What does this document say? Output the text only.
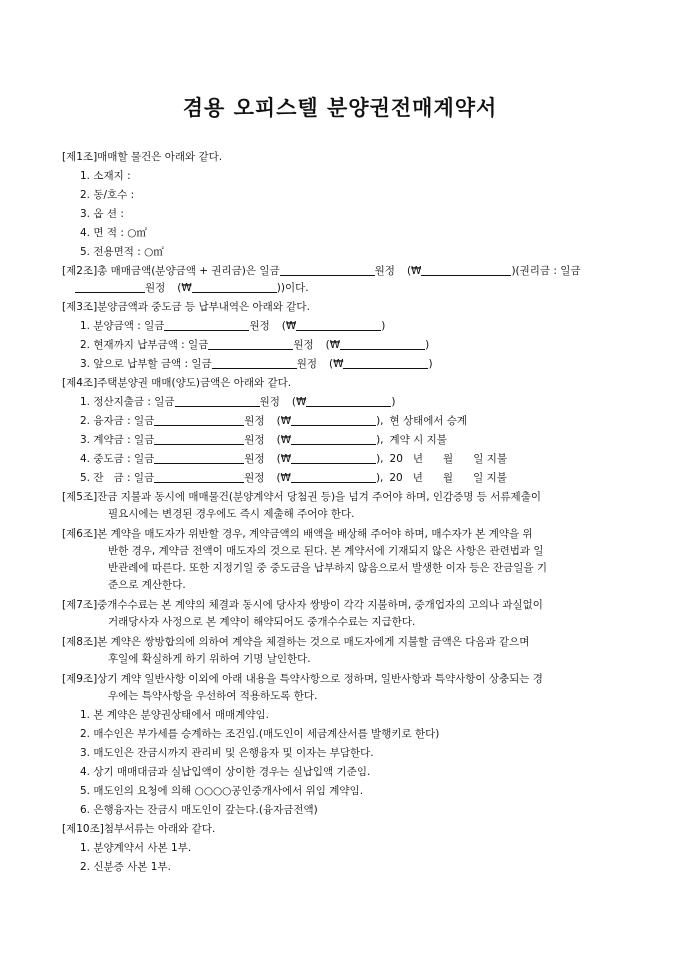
겸용 오피스텔 분양권전매계약서
[제1조]매매할 물건은 아래와 같다.
1. 소재지 :
2. 동/호수 :
3. 옵 션 :
4. 면 적 : ○㎡
5. 전용면적 : ○㎡
[제2조]총 매매금액(분양금액 + 권리금)은 일금	원정 (₩	)(권리금 : 일금
원정 (₩	))이다.
[제3조]분양금액과 중도금 등 납부내역은 아래와 같다.
1. 분양금액 : 일금	원정 (₩	)
2. 현재까지 납부금액 : 일금	원정 (₩	)
3. 앞으로 납부할 금액 : 일금	원정 (₩	)
[제4조]주택분양권 매매(양도)금액은 아래와 같다.
1. 정산지출금 : 일금	원정 (₩	)
2. 융자금 : 일금	원정 (₩	), 현 상태에서 승계
3. 계약금 : 일금	원정 (₩	), 계약 시 지불
4. 중도금 : 일금	원정 (₩	), 20   년      월      일 지불
5. 잔   금 : 일금	원정 (₩	), 20   년      월      일 지불
[제5조]잔금 지불과 동시에 매매물건(분양계약서 당첨권 등)을 넘겨 주어야 하며, 인감증명 등 서류제출이
필요시에는 변경된 경우에도 즉시 제출해 주어야 한다.
[제6조]본 계약을 매도자가 위반할 경우, 계약금액의 배액을 배상해 주어야 하며, 매수자가 본 계약을 위
반한 경우, 계약금 전액이 매도자의 것으로 된다. 본 계약서에 기재되지 않은 사항은 관련법과 일
반관례에 따른다. 또한 지정기일 중 중도금을 납부하지 않음으로서 발생한 이자 등은 잔금일을 기
준으로 계산한다.
[제7조]중개수수료는 본 계약의 체결과 동시에 당사자 쌍방이 각각 지불하며, 중개업자의 고의나 과실없이
거래당사자 사정으로 본 계약이 해약되어도 중개수수료는 지급한다.
[제8조]본 계약은 쌍방합의에 의하여 계약을 체결하는 것으로 매도자에게 지불할 금액은 다음과 같으며
후일에 확실하게 하기 위하여 기명 날인한다.
[제9조]상기 계약 일반사항 이외에 아래 내용을 특약사항으로 정하며, 일반사항과 특약사항이 상충되는 경
우에는 특약사항을 우선하여 적용하도록 한다.
1. 본 계약은 분양권상태에서 매매계약임.
2. 매수인은 부가세를 승계하는 조건임.(매도인이 세금계산서를 발행키로 한다)
3. 매도인은 잔금시까지 관리비 및 은행융자 및 이자는 부담한다.
4. 상기 매매대금과 실납입액이 상이한 경우는 실납입액 기준임.
5. 매도인의 요청에 의해 ○○○○공인중개사에서 위임 계약임.
6. 은행융자는 잔금시 매도인이 갚는다.(융자금전액)
[제10조]첨부서류는 아래와 같다.
1. 분양계약서 사본 1부.
2. 신분증 사본 1부.
